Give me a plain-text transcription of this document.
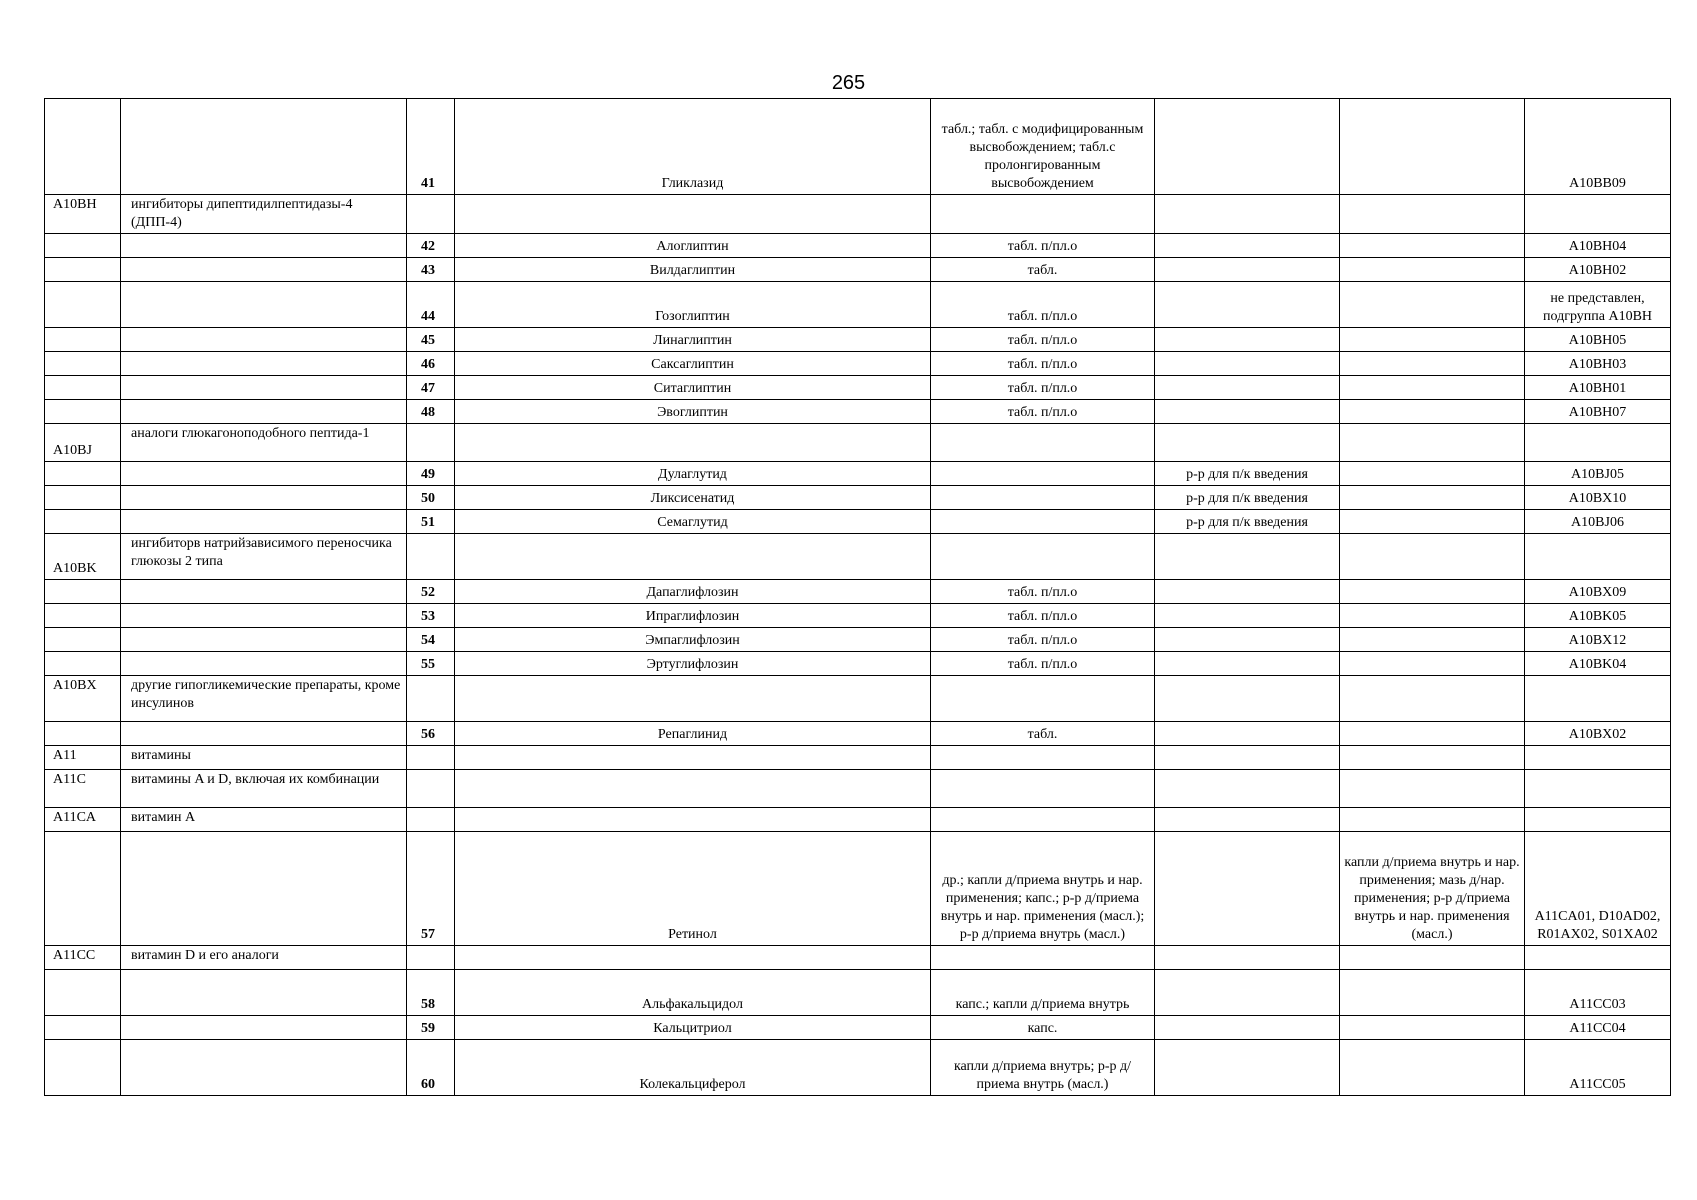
265
		41	Гликлазид	табл.; табл. с модифицированным высвобождением; табл.с пролонгированным высвобождением			A10BB09
A10BH	ингибиторы дипептидилпептидазы-4 (ДПП-4)						
		42	Алоглиптин	табл. п/пл.о			A10BH04
		43	Вилдаглиптин	табл.			A10BH02
		44	Гозоглиптин	табл. п/пл.о			не представлен, подгруппа A10BH
		45	Линаглиптин	табл. п/пл.о			A10BH05
		46	Саксаглиптин	табл. п/пл.о			A10BH03
		47	Ситаглиптин	табл. п/пл.о			A10BH01
		48	Эвоглиптин	табл. п/пл.о			A10BH07
A10BJ	аналоги глюкагоноподобного пептида-1						
		49	Дулаглутид		р-р для п/к введения		A10BJ05
		50	Ликсисенатид		р-р для п/к введения		A10BX10
		51	Семаглутид		р-р для п/к введения		A10BJ06
A10BK	ингибиторв натрийзависимого переносчика глюкозы 2 типа						
		52	Дапаглифлозин	табл. п/пл.о			A10BX09
		53	Ипраглифлозин	табл. п/пл.о			A10BK05
		54	Эмпаглифлозин	табл. п/пл.о			A10BX12
		55	Эртуглифлозин	табл. п/пл.о			A10BK04
A10BX	другие гипогликемические препараты, кроме инсулинов						
		56	Репаглинид	табл.			A10BX02
A11	витамины						
A11C	витамины A и D, включая их комбинации						
A11CA	витамин A						
		57	Ретинол	др.; капли д/приема внутрь и нар. применения; капс.; р-р д/приема внутрь и нар. применения (масл.); р-р д/приема внутрь (масл.)		капли д/приема внутрь и нар. применения; мазь д/нар. применения; р-р д/приема внутрь и нар. применения (масл.)	A11CA01, D10AD02, R01AX02, S01XA02
A11CC	витамин D и его аналоги						
		58	Альфакальцидол	капс.; капли д/приема внутрь			A11CC03
		59	Кальцитриол	капс.			A11CC04
		60	Колекальциферол	капли д/приема внутрь; р-р д/приема внутрь (масл.)			A11CC05
